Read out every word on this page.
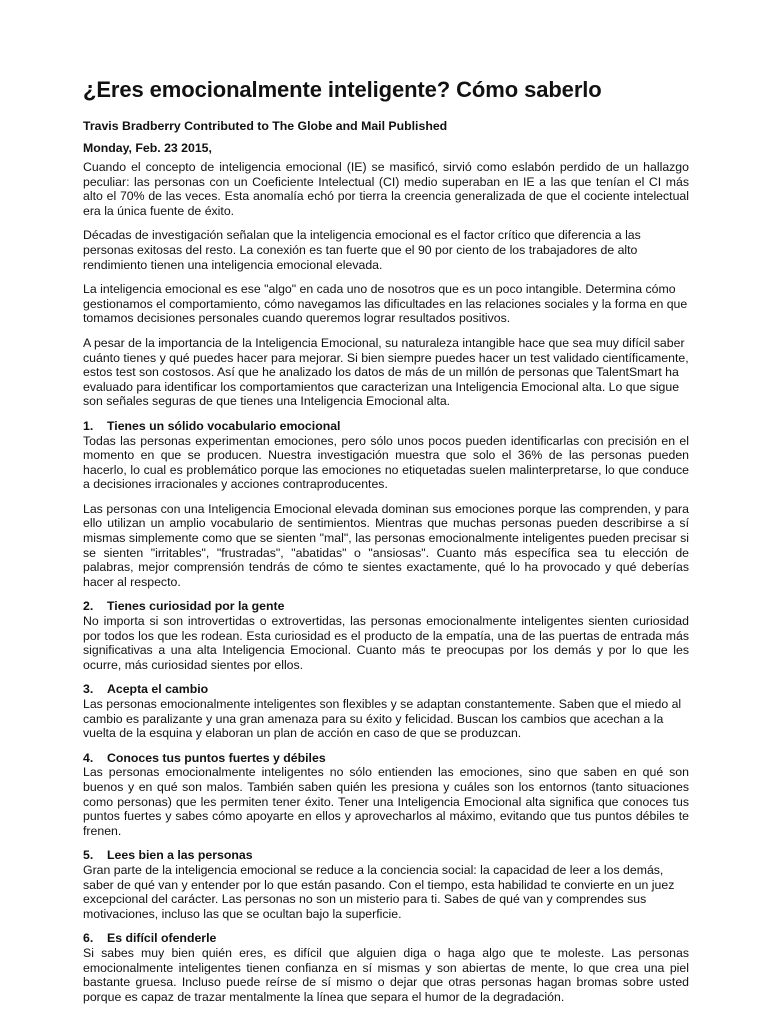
¿Eres emocionalmente inteligente? Cómo saberlo
Travis Bradberry Contributed to The Globe and Mail Published
Monday, Feb. 23 2015,

Cuando el concepto de inteligencia emocional (IE) se masificó, sirvió como eslabón perdido de un hallazgo peculiar: las personas con un Coeficiente Intelectual (CI) medio superaban en IE a las que tenían el CI más alto el 70% de las veces. Esta anomalía echó por tierra la creencia generalizada de que el cociente intelectual era la única fuente de éxito.

Décadas de investigación señalan que la inteligencia emocional es el factor crítico que diferencia a las personas exitosas del resto. La conexión es tan fuerte que el 90 por ciento de los trabajadores de alto rendimiento tienen una inteligencia emocional elevada.

La inteligencia emocional es ese "algo" en cada uno de nosotros que es un poco intangible. Determina cómo gestionamos el comportamiento, cómo navegamos las dificultades en las relaciones sociales y la forma en que tomamos decisiones personales cuando queremos lograr resultados positivos.

A pesar de la importancia de la Inteligencia Emocional, su naturaleza intangible hace que sea muy difícil saber cuánto tienes y qué puedes hacer para mejorar. Si bien siempre puedes hacer un test validado científicamente, estos test son costosos. Así que he analizado los datos de más de un millón de personas que TalentSmart ha evaluado para identificar los comportamientos que caracterizan una Inteligencia Emocional alta. Lo que sigue son señales seguras de que tienes una Inteligencia Emocional alta.

1.	Tienes un sólido vocabulario emocional

Todas las personas experimentan emociones, pero sólo unos pocos pueden identificarlas con precisión en el momento en que se producen. Nuestra investigación muestra que solo el 36% de las personas pueden hacerlo, lo cual es problemático porque las emociones no etiquetadas suelen malinterpretarse, lo que conduce a decisiones irracionales y acciones contraproducentes.

Las personas con una Inteligencia Emocional elevada dominan sus emociones porque las comprenden, y para ello utilizan un amplio vocabulario de sentimientos. Mientras que muchas personas pueden describirse a sí mismas simplemente como que se sienten "mal", las personas emocionalmente inteligentes pueden precisar si se sienten "irritables", "frustradas", "abatidas" o "ansiosas". Cuanto más específica sea tu elección de palabras, mejor comprensión tendrás de cómo te sientes exactamente, qué lo ha provocado y qué deberías hacer al respecto.

2.	Tienes curiosidad por la gente

No importa si son introvertidas o extrovertidas, las personas emocionalmente inteligentes sienten curiosidad por todos los que les rodean. Esta curiosidad es el producto de la empatía, una de las puertas de entrada más significativas a una alta Inteligencia Emocional. Cuanto más te preocupas por los demás y por lo que les ocurre, más curiosidad sientes por ellos.

3.	Acepta el cambio

Las personas emocionalmente inteligentes son flexibles y se adaptan constantemente. Saben que el miedo al cambio es paralizante y una gran amenaza para su éxito y felicidad. Buscan los cambios que acechan a la vuelta de la esquina y elaboran un plan de acción en caso de que se produzcan.

4.	Conoces tus puntos fuertes y débiles

Las personas emocionalmente inteligentes no sólo entienden las emociones, sino que saben en qué son buenos y en qué son malos. También saben quién les presiona y cuáles son los entornos (tanto situaciones como personas) que les permiten tener éxito. Tener una Inteligencia Emocional alta significa que conoces tus puntos fuertes y sabes cómo apoyarte en ellos y aprovecharlos al máximo, evitando que tus puntos débiles te frenen.

5.	Lees bien a las personas

Gran parte de la inteligencia emocional se reduce a la conciencia social: la capacidad de leer a los demás, saber de qué van y entender por lo que están pasando. Con el tiempo, esta habilidad te convierte en un juez excepcional del carácter. Las personas no son un misterio para ti. Sabes de qué van y comprendes sus motivaciones, incluso las que se ocultan bajo la superficie.

6.	Es difícil ofenderle

Si sabes muy bien quién eres, es difícil que alguien diga o haga algo que te moleste. Las personas emocionalmente inteligentes tienen confianza en sí mismas y son abiertas de mente, lo que crea una piel bastante gruesa. Incluso puede reírse de sí mismo o dejar que otras personas hagan bromas sobre usted porque es capaz de trazar mentalmente la línea que separa el humor de la degradación.
